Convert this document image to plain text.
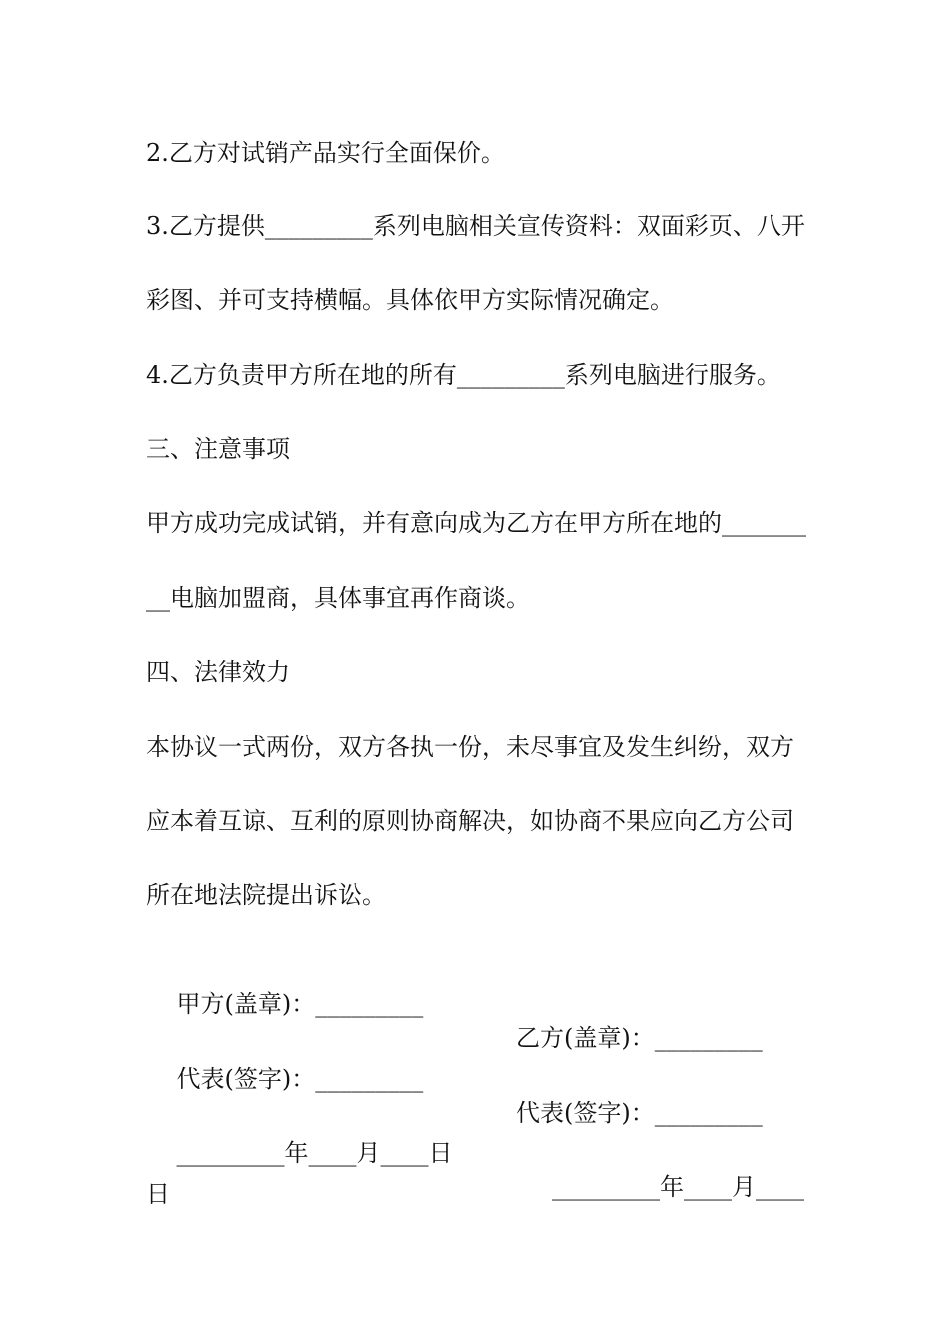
2.乙方对试销产品实行全面保价。
3.乙方提供_________系列电脑相关宣传资料：双面彩页、八开
彩图、并可支持横幅。具体依甲方实际情况确定。
4.乙方负责甲方所在地的所有_________系列电脑进行服务。
三、注意事项
甲方成功完成试销，并有意向成为乙方在甲方所在地的_______
__电脑加盟商，具体事宜再作商谈。
四、法律效力
本协议一式两份，双方各执一份，未尽事宜及发生纠纷，双方
应本着互谅、互利的原则协商解决，如协商不果应向乙方公司
所在地法院提出诉讼。

甲方(盖章)：_________

乙方(盖章)：_________

代表(签字)：_________

代表(签字)：_________

_________年____月____日

_________年____月____

日
